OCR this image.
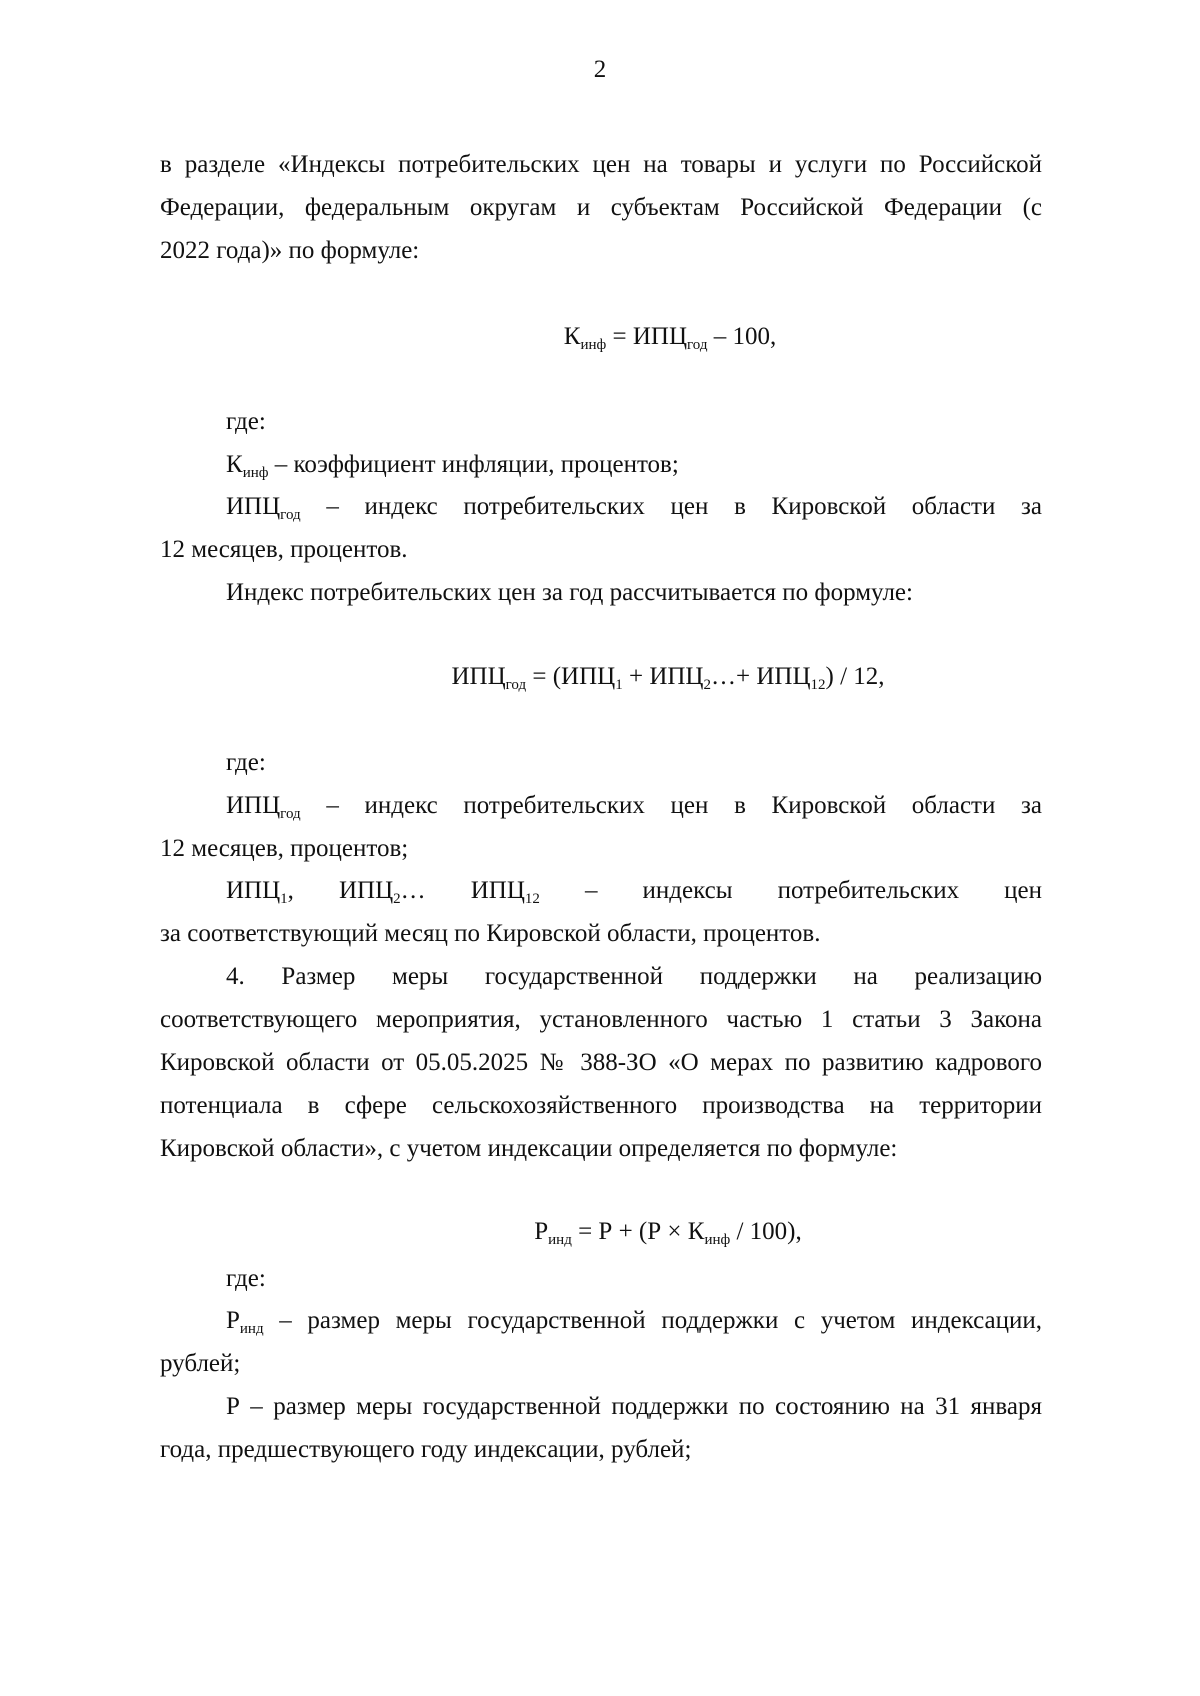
2
в разделе «Индексы потребительских цен на товары и услуги по Российской
Федерации, федеральным округам и субъектам Российской Федерации (с
2022 года)» по формуле:
$К_{инф} = ИПЦ_{год} - 100$,
где:
$К_{инф}$ – коэффициент инфляции, процентов;
$ИПЦ_{год}$ – индекс потребительских цен в Кировской области за
12 месяцев, процентов.
Индекс потребительских цен за год рассчитывается по формуле:
$ИПЦ_{год} = (ИПЦ_1$ + $ИПЦ_2\dots+ ИПЦ_{12}) / 12$,
где:
$ИПЦ_{год}$ – индекс потребительских цен в Кировской области за
12 месяцев, процентов;
$ИПЦ_1$, $ИПЦ_2\dots$ $ИПЦ_{12}$ – индексы потребительских цен
за соответствующий месяц по Кировской области, процентов.
4. Размер меры государственной поддержки на реализацию
соответствующего мероприятия, установленного частью 1 статьи 3 Закона
Кировской области от 05.05.2025 № 388-ЗО «О мерах по развитию кадрового
потенциала в сфере сельскохозяйственного производства на территории
Кировской области», с учетом индексации определяется по формуле:
$Р_{инд} = Р + (Р \times К_{инф} / 100)$,
где:
$Р_{инд}$ – размер меры государственной поддержки с учетом индексации,
рублей;
Р – размер меры государственной поддержки по состоянию на 31 января
года, предшествующего году индексации, рублей;
